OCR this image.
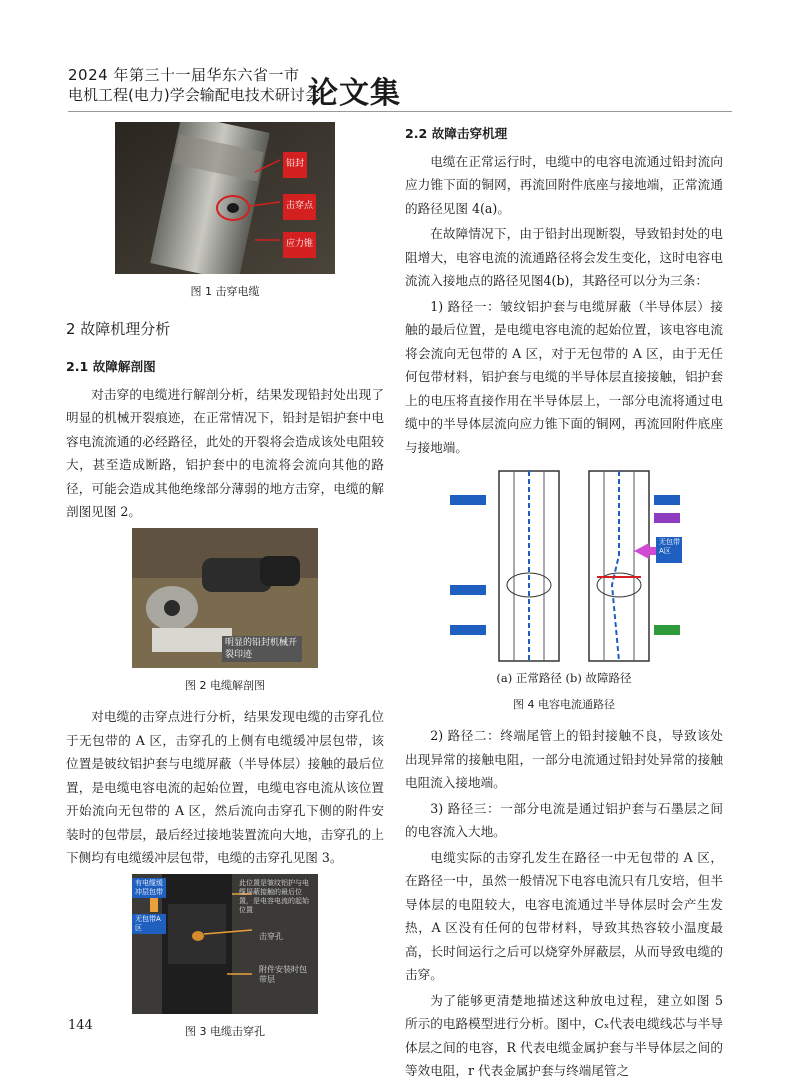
2024 年第三十一届华东六省一市
电机工程(电力)学会输配电技术研讨会
论文集
铅封
击穿点
应力锥
图 1 击穿电缆
2 故障机理分析
2.1 故障解剖图

对击穿的电缆进行解剖分析，结果发现铅封处出现了明显的机械开裂痕迹，在正常情况下，铅封是铝护套中电容电流流通的必经路径，此处的开裂将会造成该处电阻较大，甚至造成断路，铝护套中的电流将会流向其他的路径，可能会造成其他绝缘部分薄弱的地方击穿，电缆的解剖图见图 2。

明显的铅封机械开裂印迹
图 2 电缆解剖图

对电缆的击穿点进行分析，结果发现电缆的击穿孔位于无包带的 A 区，击穿孔的上侧有电缆缓冲层包带，该位置是铍纹铝护套与电缆屏蔽（半导体层）接触的最后位置，是电缆电容电流的起始位置，电缆电容电流从该位置开始流向无包带的 A 区，然后流向击穿孔下侧的附件安装时的包带层，最后经过接地装置流向大地，击穿孔的上下侧均有电缆缓冲层包带，电缆的击穿孔见图 3。

此位置是皱纹铝护与电缆屏蔽接触的最后位置，是电容电流的起始位置
击穿孔
附件安装时包带层
有电缆缓冲层包带
无包带A区
图 3 电缆击穿孔
2.2 故障击穿机理

电缆在正常运行时，电缆中的电容电流通过铅封流向应力锥下面的铜网，再流回附件底座与接地端，正常流通的路径见图 4(a)。

在故障情况下，由于铅封出现断裂，导致铅封处的电阻增大，电容电流的流通路径将会发生变化，这时电容电流流入接地点的路径见图4(b)，其路径可以分为三条：

1) 路径一：皱纹铝护套与电缆屏蔽（半导体层）接触的最后位置，是电缆电容电流的起始位置，该电容电流将会流向无包带的 A 区，对于无包带的 A 区，由于无任何包带材料，铝护套与电缆的半导体层直接接触，铝护套上的电压将直接作用在半导体层上，一部分电流将通过电缆中的半导体层流向应力锥下面的铜网，再流回附件底座与接地端。

无包带A区
(a) 正常路径 (b) 故障路径
图 4 电容电流通路径

2) 路径二：终端尾管上的铅封接触不良，导致该处出现异常的接触电阻，一部分电流通过铅封处异常的接触电阻流入接地端。

3) 路径三：一部分电流是通过铝护套与石墨层之间的电容流入大地。

电缆实际的击穿孔发生在路径一中无包带的 A 区，在路径一中，虽然一般情况下电容电流只有几安培，但半导体层的电阻较大，电容电流通过半导体层时会产生发热，A 区没有任何的包带材料，导致其热容较小温度最高，长时间运行之后可以烧穿外屏蔽层，从而导致电缆的击穿。

为了能够更清楚地描述这种放电过程，建立如图 5 所示的电路模型进行分析。图中，Cₓ代表电缆线芯与半导体层之间的电容，R 代表电缆金属护套与半导体层之间的等效电阻，r 代表金属护套与终端尾管之

144
